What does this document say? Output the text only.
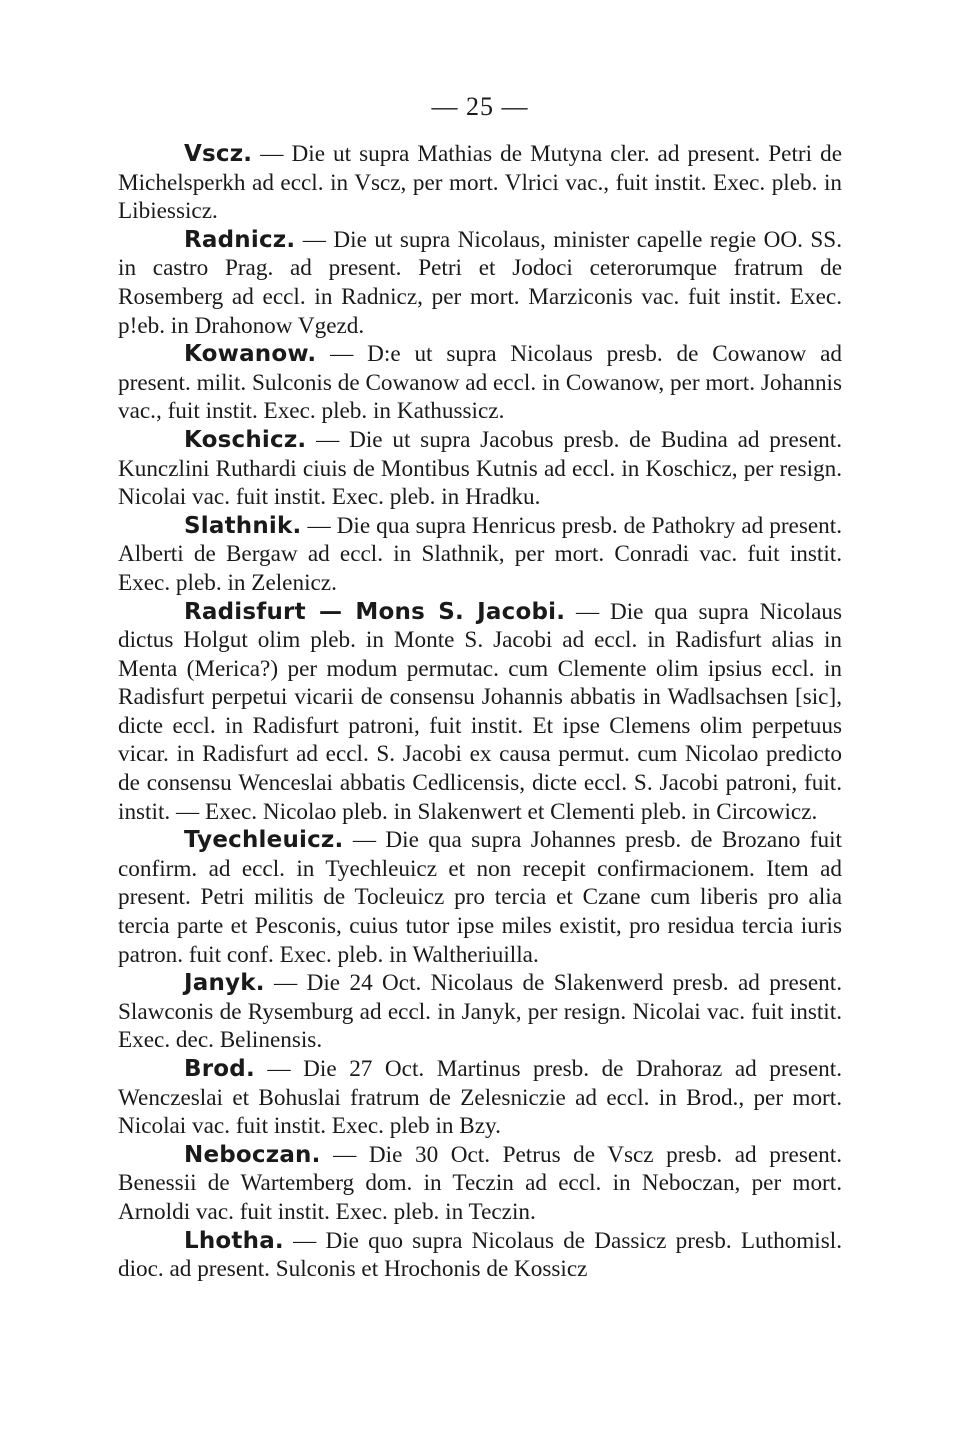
— 25 —

Vscz. — Die ut supra Mathias de Mutyna cler. ad present. Petri de Michelsperkh ad eccl. in Vscz, per mort. Vlrici vac., fuit instit. Exec. pleb. in Libiessicz.

Radnicz. — Die ut supra Nicolaus, minister capelle regie OO. SS. in castro Prag. ad present. Petri et Jodoci ceterorumque fratrum de Rosemberg ad eccl. in Radnicz, per mort. Marziconis vac. fuit instit. Exec. p!eb. in Drahonow Vgezd.

Kowanow. — D:e ut supra Nicolaus presb. de Cowanow ad present. milit. Sulconis de Cowanow ad eccl. in Cowanow, per mort. Johannis vac., fuit instit. Exec. pleb. in Kathussicz.

Koschicz. — Die ut supra Jacobus presb. de Budina ad present. Kunczlini Ruthardi ciuis de Montibus Kutnis ad eccl. in Koschicz, per resign. Nicolai vac. fuit instit. Exec. pleb. in Hradku.

Slathnik. — Die qua supra Henricus presb. de Pathokry ad present. Alberti de Bergaw ad eccl. in Slathnik, per mort. Conradi vac. fuit instit. Exec. pleb. in Zelenicz.

Radisfurt — Mons S. Jacobi. — Die qua supra Nicolaus dictus Holgut olim pleb. in Monte S. Jacobi ad eccl. in Radisfurt alias in Menta (Merica?) per modum permutac. cum Clemente olim ipsius eccl. in Radisfurt perpetui vicarii de consensu Johannis abbatis in Wadlsachsen [sic], dicte eccl. in Radisfurt patroni, fuit instit. Et ipse Clemens olim perpetuus vicar. in Radisfurt ad eccl. S. Jacobi ex causa permut. cum Nicolao predicto de consensu Wenceslai abbatis Cedlicensis, dicte eccl. S. Jacobi patroni, fuit. instit. — Exec. Nicolao pleb. in Slakenwert et Clementi pleb. in Circowicz.

Tyechleuicz. — Die qua supra Johannes presb. de Brozano fuit confirm. ad eccl. in Tyechleuicz et non recepit confirmacionem. Item ad present. Petri militis de Tocleuicz pro tercia et Czane cum liberis pro alia tercia parte et Pesconis, cuius tutor ipse miles existit, pro residua tercia iuris patron. fuit conf. Exec. pleb. in Waltheriuilla.

Janyk. — Die 24 Oct. Nicolaus de Slakenwerd presb. ad present. Slawconis de Rysemburg ad eccl. in Janyk, per resign. Nicolai vac. fuit instit. Exec. dec. Belinensis.

Brod. — Die 27 Oct. Martinus presb. de Drahoraz ad present. Wenczeslai et Bohuslai fratrum de Zelesniczie ad eccl. in Brod., per mort. Nicolai vac. fuit instit. Exec. pleb in Bzy.

Neboczan. — Die 30 Oct. Petrus de Vscz presb. ad present. Benessii de Wartemberg dom. in Teczin ad eccl. in Neboczan, per mort. Arnoldi vac. fuit instit. Exec. pleb. in Teczin.

Lhotha. — Die quo supra Nicolaus de Dassicz presb. Luthomisl. dioc. ad present. Sulconis et Hrochonis de Kossicz
